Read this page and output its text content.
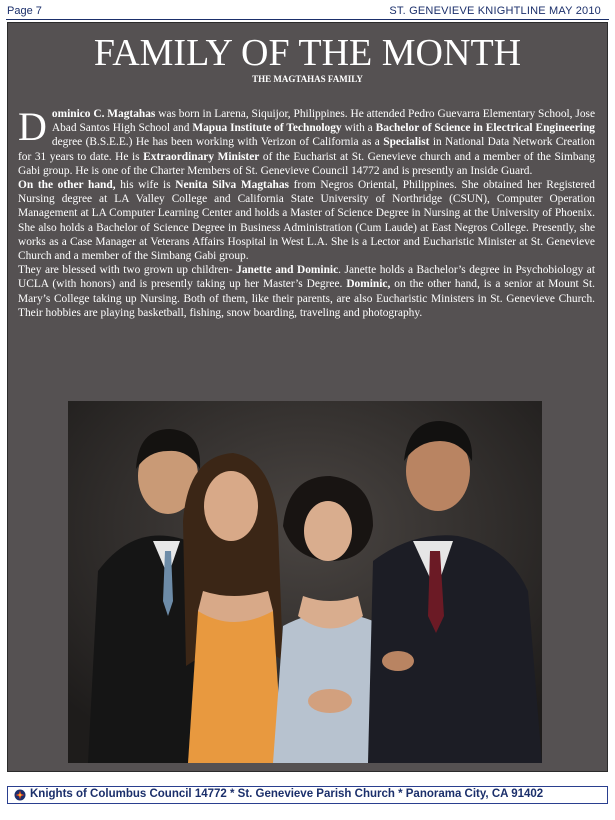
Page 7	ST. GENEVIEVE KNIGHTLINE MAY 2010
FAMILY OF THE MONTH
THE MAGTAHAS FAMILY

Dominico C. Magtahas was born in Larena, Siquijor, Philippines. He attended Pedro Guevarra Elementary School, Jose Abad Santos High School and Mapua Institute of Technology with a Bachelor of Science in Electrical Engineering degree (B.S.E.E.) He has been working with Verizon of California as a Specialist in National Data Network Creation for 31 years to date. He is Extraordinary Minister of the Eucharist at St. Genevieve church and a member of the Simbang Gabi group. He is one of the Charter Members of St. Genevieve Council 14772 and is presently an Inside Guard.

On the other hand, his wife is Nenita Silva Magtahas from Negros Oriental, Philippines. She obtained her Registered Nursing degree at LA Valley College and California State University of Northridge (CSUN), Computer Operation Management at LA Computer Learning Center and holds a Master of Science Degree in Nursing at the University of Phoenix. She also holds a Bachelor of Science Degree in Business Administration (Cum Laude) at East Negros College. Presently, she works as a Case Manager at Veterans Affairs Hospital in West L.A. She is a Lector and Eucharistic Minister at St. Genevieve Church and a member of the Simbang Gabi group.

They are blessed with two grown up children- Janette and Dominic. Janette holds a Bachelor’s degree in Psychobiology at UCLA (with honors) and is presently taking up her Master’s Degree. Dominic, on the other hand, is a senior at Mount St. Mary’s College taking up Nursing. Both of them, like their parents, are also Eucharistic Ministers in St. Genevieve Church. Their hobbies are playing basketball, fishing, snow boarding, traveling and photography.

Knights of Columbus Council 14772 * St. Genevieve Parish Church * Panorama City, CA 91402
